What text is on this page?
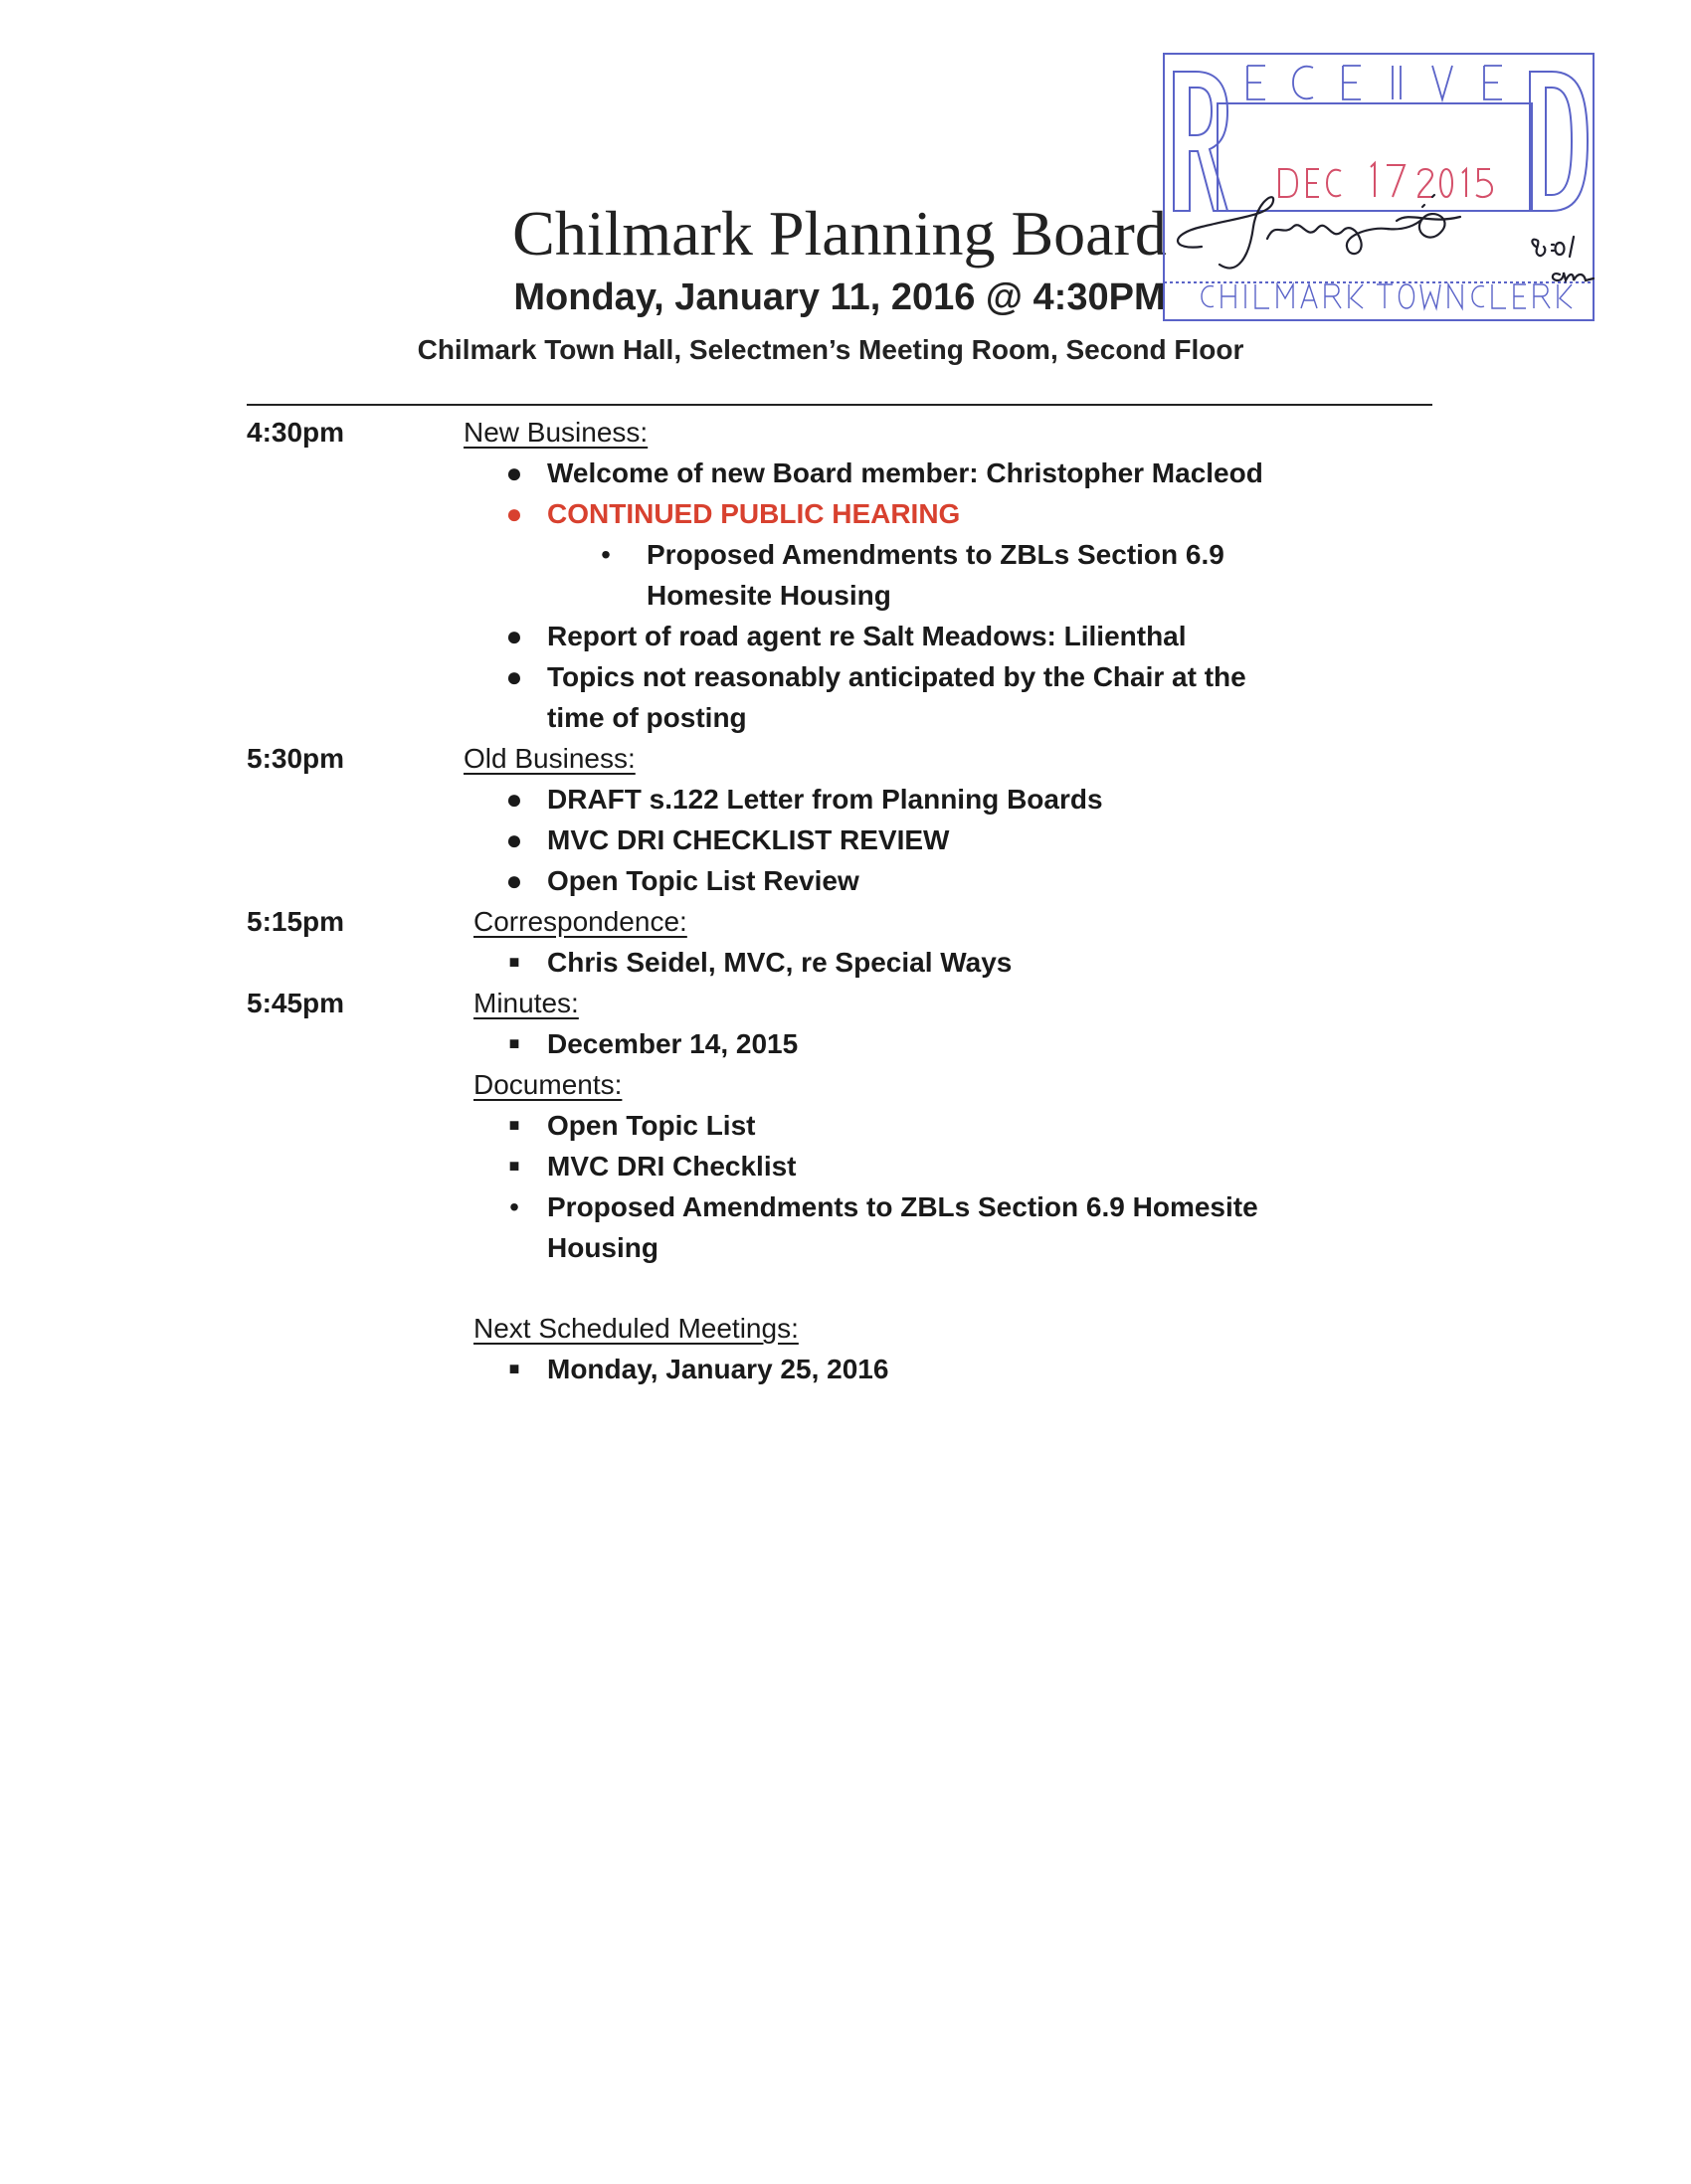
Chilmark Planning Board
Monday, January 11, 2016 @ 4:30PM
Chilmark Town Hall, Selectmen’s Meeting Room, Second Floor
4:30pm	New Business:
● Welcome of new Board member: Christopher Macleod
● CONTINUED PUBLIC HEARING
•	Proposed Amendments to ZBLs Section 6.9 Homesite Housing
● Report of road agent re Salt Meadows: Lilienthal
● Topics not reasonably anticipated by the Chair at the time of posting
5:30pm	Old Business:
● DRAFT s.122 Letter from Planning Boards
● MVC DRI CHECKLIST REVIEW
● Open Topic List Review
5:15pm	Correspondence:
■ Chris Seidel, MVC, re Special Ways
5:45pm	Minutes:
■ December 14, 2015
Documents:
■ Open Topic List
■ MVC DRI Checklist
•	Proposed Amendments to ZBLs Section 6.9 Homesite Housing
Next Scheduled Meetings:
■ Monday, January 25, 2016
